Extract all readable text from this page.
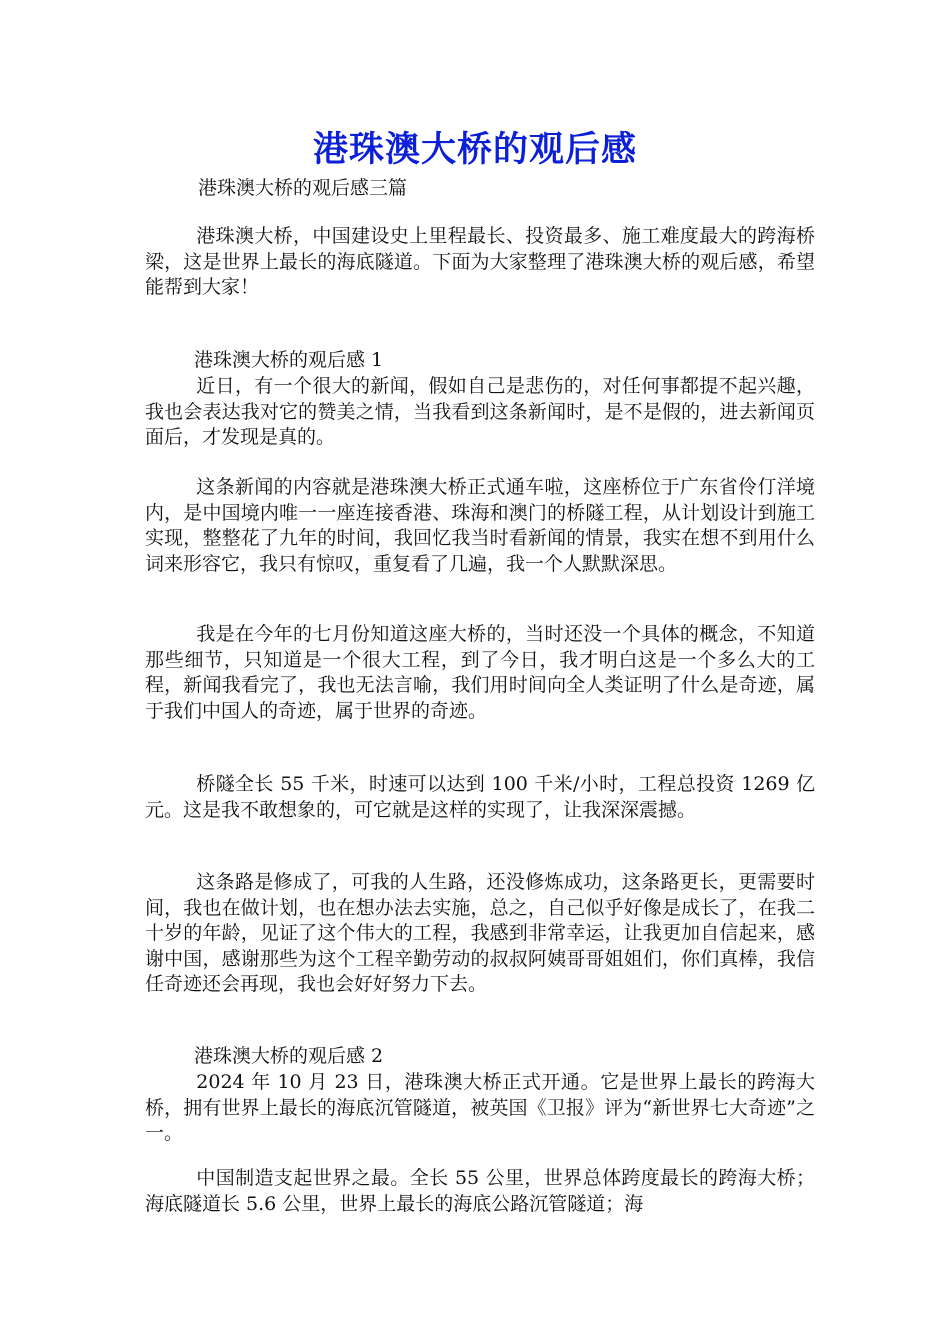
港珠澳大桥的观后感
港珠澳大桥的观后感三篇
港珠澳大桥，中国建设史上里程最长、投资最多、施工难度最大的跨海桥梁，这是世界上最长的海底隧道。下面为大家整理了港珠澳大桥的观后感，希望能帮到大家！
港珠澳大桥的观后感 1
近日，有一个很大的新闻，假如自己是悲伤的，对任何事都提不起兴趣，我也会表达我对它的赞美之情，当我看到这条新闻时，是不是假的，进去新闻页面后，才发现是真的。
这条新闻的内容就是港珠澳大桥正式通车啦，这座桥位于广东省伶仃洋境内，是中国境内唯一一座连接香港、珠海和澳门的桥隧工程，从计划设计到施工实现，整整花了九年的时间，我回忆我当时看新闻的情景，我实在想不到用什么词来形容它，我只有惊叹，重复看了几遍，我一个人默默深思。
我是在今年的七月份知道这座大桥的，当时还没一个具体的概念，不知道那些细节，只知道是一个很大工程，到了今日，我才明白这是一个多么大的工程，新闻我看完了，我也无法言喻，我们用时间向全人类证明了什么是奇迹，属于我们中国人的奇迹，属于世界的奇迹。
桥隧全长 55 千米，时速可以达到 100 千米/小时，工程总投资 1269 亿元。这是我不敢想象的，可它就是这样的实现了，让我深深震撼。
这条路是修成了，可我的人生路，还没修炼成功，这条路更长，更需要时间，我也在做计划，也在想办法去实施，总之，自己似乎好像是成长了，在我二十岁的年龄，见证了这个伟大的工程，我感到非常幸运，让我更加自信起来，感谢中国，感谢那些为这个工程辛勤劳动的叔叔阿姨哥哥姐姐们，你们真棒，我信任奇迹还会再现，我也会好好努力下去。
港珠澳大桥的观后感 2
2024 年 10 月 23 日，港珠澳大桥正式开通。它是世界上最长的跨海大桥，拥有世界上最长的海底沉管隧道，被英国《卫报》评为“新世界七大奇迹”之一。
中国制造支起世界之最。全长 55 公里，世界总体跨度最长的跨海大桥；海底隧道长 5.6 公里，世界上最长的海底公路沉管隧道；海
